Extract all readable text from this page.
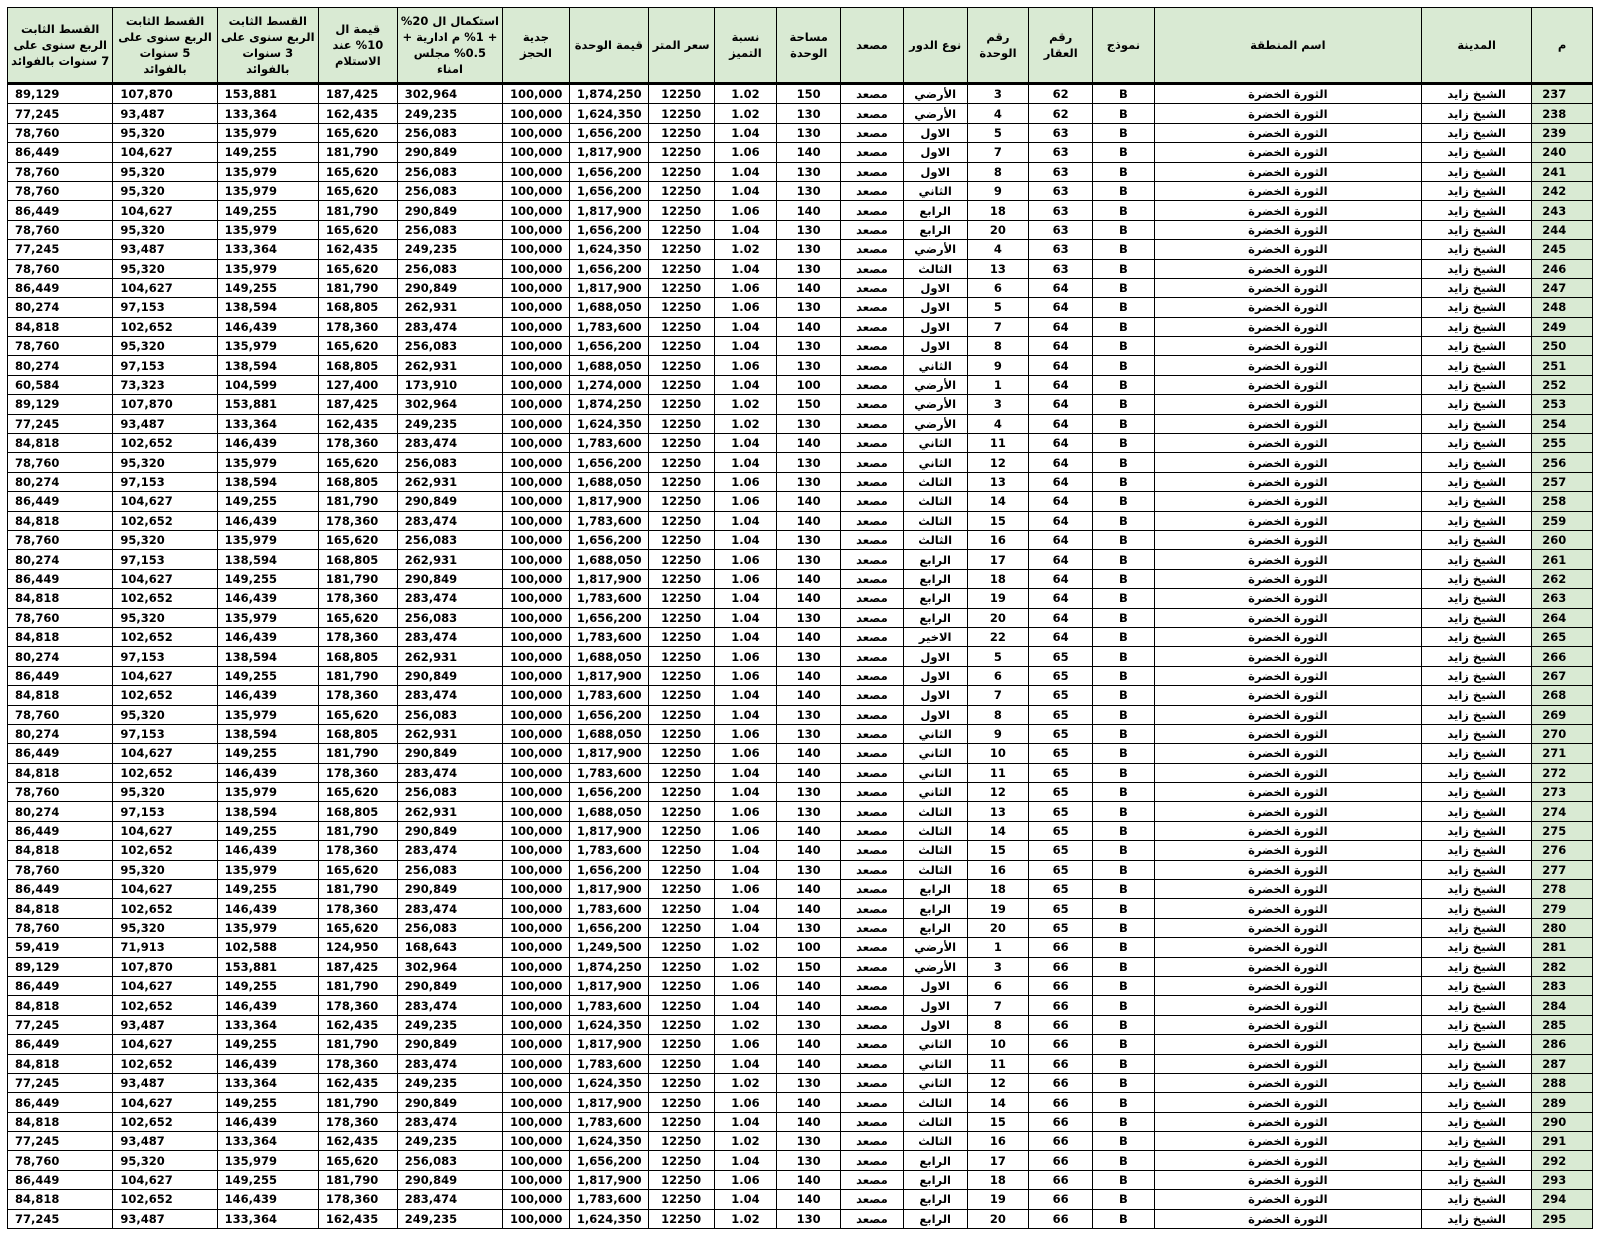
م	المدينة	اسم المنطقة	نموذج	رقم العقار	رقم الوحدة	نوع الدور	مصعد	مساحة الوحدة	نسبة التميز	سعر المتر	قيمة الوحدة	جدية الحجز	استكمال ال 20% + 1% م ادارية + 0.5% مجلس امناء	قيمة ال 10% عند الاستلام	القسط الثابت الربع سنوى على 3 سنوات بالفوائد	القسط الثابت الربع سنوى على 5 سنوات بالفوائد	القسط الثابت الربع سنوى على 7 سنوات بالفوائد
237	الشيخ زايد	الثورة الخضرة	B	62	3	الأرضي	مصعد	150	1.02	12250	1,874,250	100,000	302,964	187,425	153,881	107,870	89,129
238	الشيخ زايد	الثورة الخضرة	B	62	4	الأرضي	مصعد	130	1.02	12250	1,624,350	100,000	249,235	162,435	133,364	93,487	77,245
239	الشيخ زايد	الثورة الخضرة	B	63	5	الاول	مصعد	130	1.04	12250	1,656,200	100,000	256,083	165,620	135,979	95,320	78,760
240	الشيخ زايد	الثورة الخضرة	B	63	7	الاول	مصعد	140	1.06	12250	1,817,900	100,000	290,849	181,790	149,255	104,627	86,449
241	الشيخ زايد	الثورة الخضرة	B	63	8	الاول	مصعد	130	1.04	12250	1,656,200	100,000	256,083	165,620	135,979	95,320	78,760
242	الشيخ زايد	الثورة الخضرة	B	63	9	الثاني	مصعد	130	1.04	12250	1,656,200	100,000	256,083	165,620	135,979	95,320	78,760
243	الشيخ زايد	الثورة الخضرة	B	63	18	الرابع	مصعد	140	1.06	12250	1,817,900	100,000	290,849	181,790	149,255	104,627	86,449
244	الشيخ زايد	الثورة الخضرة	B	63	20	الرابع	مصعد	130	1.04	12250	1,656,200	100,000	256,083	165,620	135,979	95,320	78,760
245	الشيخ زايد	الثورة الخضرة	B	63	4	الأرضي	مصعد	130	1.02	12250	1,624,350	100,000	249,235	162,435	133,364	93,487	77,245
246	الشيخ زايد	الثورة الخضرة	B	63	13	الثالث	مصعد	130	1.04	12250	1,656,200	100,000	256,083	165,620	135,979	95,320	78,760
247	الشيخ زايد	الثورة الخضرة	B	64	6	الاول	مصعد	140	1.06	12250	1,817,900	100,000	290,849	181,790	149,255	104,627	86,449
248	الشيخ زايد	الثورة الخضرة	B	64	5	الاول	مصعد	130	1.06	12250	1,688,050	100,000	262,931	168,805	138,594	97,153	80,274
249	الشيخ زايد	الثورة الخضرة	B	64	7	الاول	مصعد	140	1.04	12250	1,783,600	100,000	283,474	178,360	146,439	102,652	84,818
250	الشيخ زايد	الثورة الخضرة	B	64	8	الاول	مصعد	130	1.04	12250	1,656,200	100,000	256,083	165,620	135,979	95,320	78,760
251	الشيخ زايد	الثورة الخضرة	B	64	9	الثاني	مصعد	130	1.06	12250	1,688,050	100,000	262,931	168,805	138,594	97,153	80,274
252	الشيخ زايد	الثورة الخضرة	B	64	1	الأرضي	مصعد	100	1.04	12250	1,274,000	100,000	173,910	127,400	104,599	73,323	60,584
253	الشيخ زايد	الثورة الخضرة	B	64	3	الأرضي	مصعد	150	1.02	12250	1,874,250	100,000	302,964	187,425	153,881	107,870	89,129
254	الشيخ زايد	الثورة الخضرة	B	64	4	الأرضي	مصعد	130	1.02	12250	1,624,350	100,000	249,235	162,435	133,364	93,487	77,245
255	الشيخ زايد	الثورة الخضرة	B	64	11	الثاني	مصعد	140	1.04	12250	1,783,600	100,000	283,474	178,360	146,439	102,652	84,818
256	الشيخ زايد	الثورة الخضرة	B	64	12	الثاني	مصعد	130	1.04	12250	1,656,200	100,000	256,083	165,620	135,979	95,320	78,760
257	الشيخ زايد	الثورة الخضرة	B	64	13	الثالث	مصعد	130	1.06	12250	1,688,050	100,000	262,931	168,805	138,594	97,153	80,274
258	الشيخ زايد	الثورة الخضرة	B	64	14	الثالث	مصعد	140	1.06	12250	1,817,900	100,000	290,849	181,790	149,255	104,627	86,449
259	الشيخ زايد	الثورة الخضرة	B	64	15	الثالث	مصعد	140	1.04	12250	1,783,600	100,000	283,474	178,360	146,439	102,652	84,818
260	الشيخ زايد	الثورة الخضرة	B	64	16	الثالث	مصعد	130	1.04	12250	1,656,200	100,000	256,083	165,620	135,979	95,320	78,760
261	الشيخ زايد	الثورة الخضرة	B	64	17	الرابع	مصعد	130	1.06	12250	1,688,050	100,000	262,931	168,805	138,594	97,153	80,274
262	الشيخ زايد	الثورة الخضرة	B	64	18	الرابع	مصعد	140	1.06	12250	1,817,900	100,000	290,849	181,790	149,255	104,627	86,449
263	الشيخ زايد	الثورة الخضرة	B	64	19	الرابع	مصعد	140	1.04	12250	1,783,600	100,000	283,474	178,360	146,439	102,652	84,818
264	الشيخ زايد	الثورة الخضرة	B	64	20	الرابع	مصعد	130	1.04	12250	1,656,200	100,000	256,083	165,620	135,979	95,320	78,760
265	الشيخ زايد	الثورة الخضرة	B	64	22	الاخير	مصعد	140	1.04	12250	1,783,600	100,000	283,474	178,360	146,439	102,652	84,818
266	الشيخ زايد	الثورة الخضرة	B	65	5	الاول	مصعد	130	1.06	12250	1,688,050	100,000	262,931	168,805	138,594	97,153	80,274
267	الشيخ زايد	الثورة الخضرة	B	65	6	الاول	مصعد	140	1.06	12250	1,817,900	100,000	290,849	181,790	149,255	104,627	86,449
268	الشيخ زايد	الثورة الخضرة	B	65	7	الاول	مصعد	140	1.04	12250	1,783,600	100,000	283,474	178,360	146,439	102,652	84,818
269	الشيخ زايد	الثورة الخضرة	B	65	8	الاول	مصعد	130	1.04	12250	1,656,200	100,000	256,083	165,620	135,979	95,320	78,760
270	الشيخ زايد	الثورة الخضرة	B	65	9	الثاني	مصعد	130	1.06	12250	1,688,050	100,000	262,931	168,805	138,594	97,153	80,274
271	الشيخ زايد	الثورة الخضرة	B	65	10	الثاني	مصعد	140	1.06	12250	1,817,900	100,000	290,849	181,790	149,255	104,627	86,449
272	الشيخ زايد	الثورة الخضرة	B	65	11	الثاني	مصعد	140	1.04	12250	1,783,600	100,000	283,474	178,360	146,439	102,652	84,818
273	الشيخ زايد	الثورة الخضرة	B	65	12	الثاني	مصعد	130	1.04	12250	1,656,200	100,000	256,083	165,620	135,979	95,320	78,760
274	الشيخ زايد	الثورة الخضرة	B	65	13	الثالث	مصعد	130	1.06	12250	1,688,050	100,000	262,931	168,805	138,594	97,153	80,274
275	الشيخ زايد	الثورة الخضرة	B	65	14	الثالث	مصعد	140	1.06	12250	1,817,900	100,000	290,849	181,790	149,255	104,627	86,449
276	الشيخ زايد	الثورة الخضرة	B	65	15	الثالث	مصعد	140	1.04	12250	1,783,600	100,000	283,474	178,360	146,439	102,652	84,818
277	الشيخ زايد	الثورة الخضرة	B	65	16	الثالث	مصعد	130	1.04	12250	1,656,200	100,000	256,083	165,620	135,979	95,320	78,760
278	الشيخ زايد	الثورة الخضرة	B	65	18	الرابع	مصعد	140	1.06	12250	1,817,900	100,000	290,849	181,790	149,255	104,627	86,449
279	الشيخ زايد	الثورة الخضرة	B	65	19	الرابع	مصعد	140	1.04	12250	1,783,600	100,000	283,474	178,360	146,439	102,652	84,818
280	الشيخ زايد	الثورة الخضرة	B	65	20	الرابع	مصعد	130	1.04	12250	1,656,200	100,000	256,083	165,620	135,979	95,320	78,760
281	الشيخ زايد	الثورة الخضرة	B	66	1	الأرضي	مصعد	100	1.02	12250	1,249,500	100,000	168,643	124,950	102,588	71,913	59,419
282	الشيخ زايد	الثورة الخضرة	B	66	3	الأرضي	مصعد	150	1.02	12250	1,874,250	100,000	302,964	187,425	153,881	107,870	89,129
283	الشيخ زايد	الثورة الخضرة	B	66	6	الاول	مصعد	140	1.06	12250	1,817,900	100,000	290,849	181,790	149,255	104,627	86,449
284	الشيخ زايد	الثورة الخضرة	B	66	7	الاول	مصعد	140	1.04	12250	1,783,600	100,000	283,474	178,360	146,439	102,652	84,818
285	الشيخ زايد	الثورة الخضرة	B	66	8	الاول	مصعد	130	1.02	12250	1,624,350	100,000	249,235	162,435	133,364	93,487	77,245
286	الشيخ زايد	الثورة الخضرة	B	66	10	الثاني	مصعد	140	1.06	12250	1,817,900	100,000	290,849	181,790	149,255	104,627	86,449
287	الشيخ زايد	الثورة الخضرة	B	66	11	الثاني	مصعد	140	1.04	12250	1,783,600	100,000	283,474	178,360	146,439	102,652	84,818
288	الشيخ زايد	الثورة الخضرة	B	66	12	الثاني	مصعد	130	1.02	12250	1,624,350	100,000	249,235	162,435	133,364	93,487	77,245
289	الشيخ زايد	الثورة الخضرة	B	66	14	الثالث	مصعد	140	1.06	12250	1,817,900	100,000	290,849	181,790	149,255	104,627	86,449
290	الشيخ زايد	الثورة الخضرة	B	66	15	الثالث	مصعد	140	1.04	12250	1,783,600	100,000	283,474	178,360	146,439	102,652	84,818
291	الشيخ زايد	الثورة الخضرة	B	66	16	الثالث	مصعد	130	1.02	12250	1,624,350	100,000	249,235	162,435	133,364	93,487	77,245
292	الشيخ زايد	الثورة الخضرة	B	66	17	الرابع	مصعد	130	1.04	12250	1,656,200	100,000	256,083	165,620	135,979	95,320	78,760
293	الشيخ زايد	الثورة الخضرة	B	66	18	الرابع	مصعد	140	1.06	12250	1,817,900	100,000	290,849	181,790	149,255	104,627	86,449
294	الشيخ زايد	الثورة الخضرة	B	66	19	الرابع	مصعد	140	1.04	12250	1,783,600	100,000	283,474	178,360	146,439	102,652	84,818
295	الشيخ زايد	الثورة الخضرة	B	66	20	الرابع	مصعد	130	1.02	12250	1,624,350	100,000	249,235	162,435	133,364	93,487	77,245
